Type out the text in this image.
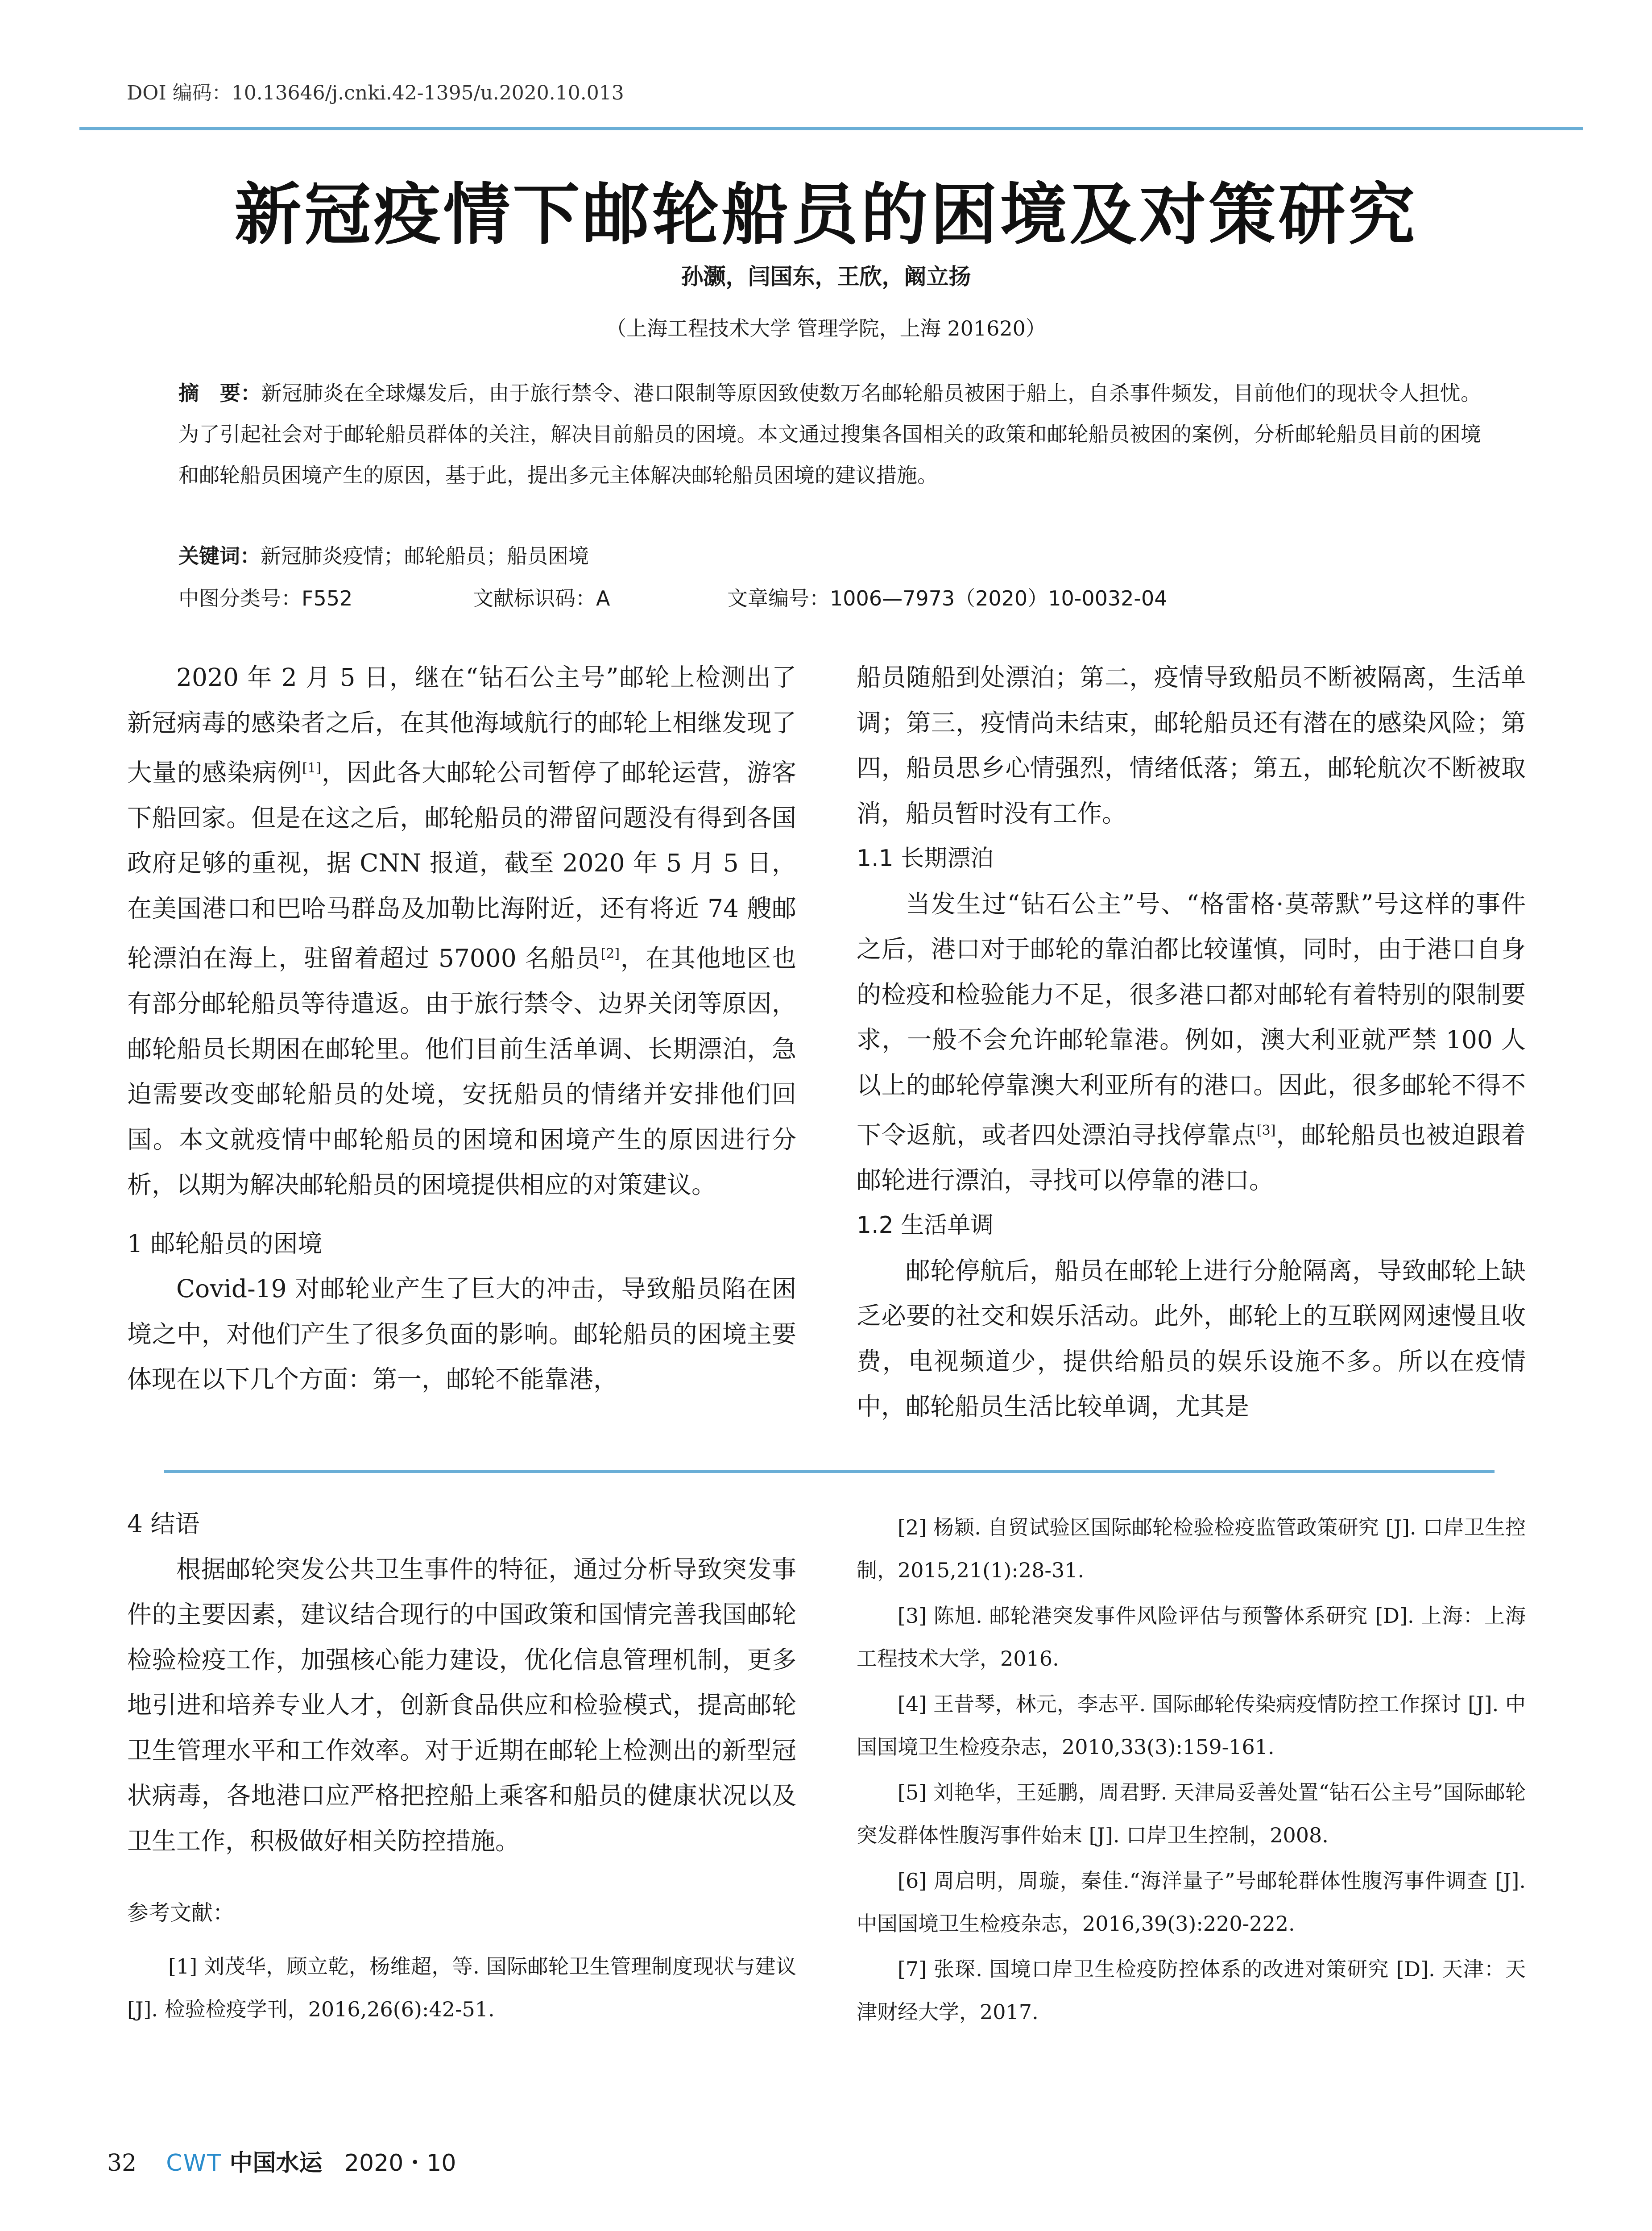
DOI 编码：10.13646/j.cnki.42-1395/u.2020.10.013
新冠疫情下邮轮船员的困境及对策研究
孙灏，闫国东，王欣，阚立扬
（上海工程技术大学 管理学院，上海 201620）
摘　要：新冠肺炎在全球爆发后，由于旅行禁令、港口限制等原因致使数万名邮轮船员被困于船上，自杀事件频发，目前他们的现状令人担忧。为了引起社会对于邮轮船员群体的关注，解决目前船员的困境。本文通过搜集各国相关的政策和邮轮船员被困的案例，分析邮轮船员目前的困境和邮轮船员困境产生的原因，基于此，提出多元主体解决邮轮船员困境的建议措施。
关键词：新冠肺炎疫情；邮轮船员；船员困境
中图分类号：F552	文献标识码：A	文章编号：1006—7973（2020）10-0032-04

2020 年 2 月 5 日，继在“钻石公主号”邮轮上检测出了新冠病毒的感染者之后，在其他海域航行的邮轮上相继发现了大量的感染病例[1]，因此各大邮轮公司暂停了邮轮运营，游客下船回家。但是在这之后，邮轮船员的滞留问题没有得到各国政府足够的重视，据 CNN 报道，截至 2020 年 5 月 5 日，在美国港口和巴哈马群岛及加勒比海附近，还有将近 74 艘邮轮漂泊在海上，驻留着超过 57000 名船员[2]，在其他地区也有部分邮轮船员等待遣返。由于旅行禁令、边界关闭等原因，邮轮船员长期困在邮轮里。他们目前生活单调、长期漂泊，急迫需要改变邮轮船员的处境，安抚船员的情绪并安排他们回国。本文就疫情中邮轮船员的困境和困境产生的原因进行分析，以期为解决邮轮船员的困境提供相应的对策建议。

1 邮轮船员的困境

Covid-19 对邮轮业产生了巨大的冲击，导致船员陷在困境之中，对他们产生了很多负面的影响。邮轮船员的困境主要体现在以下几个方面：第一，邮轮不能靠港，

船员随船到处漂泊；第二，疫情导致船员不断被隔离，生活单调；第三，疫情尚未结束，邮轮船员还有潜在的感染风险；第四，船员思乡心情强烈，情绪低落；第五，邮轮航次不断被取消，船员暂时没有工作。

1.1 长期漂泊

当发生过“钻石公主”号、“格雷格·莫蒂默”号这样的事件之后，港口对于邮轮的靠泊都比较谨慎，同时，由于港口自身的检疫和检验能力不足，很多港口都对邮轮有着特别的限制要求，一般不会允许邮轮靠港。例如，澳大利亚就严禁 100 人以上的邮轮停靠澳大利亚所有的港口。因此，很多邮轮不得不下令返航，或者四处漂泊寻找停靠点[3]，邮轮船员也被迫跟着邮轮进行漂泊，寻找可以停靠的港口。

1.2 生活单调

邮轮停航后，船员在邮轮上进行分舱隔离，导致邮轮上缺乏必要的社交和娱乐活动。此外，邮轮上的互联网网速慢且收费，电视频道少，提供给船员的娱乐设施不多。所以在疫情中，邮轮船员生活比较单调，尤其是

4 结语

根据邮轮突发公共卫生事件的特征，通过分析导致突发事件的主要因素，建议结合现行的中国政策和国情完善我国邮轮检验检疫工作，加强核心能力建设，优化信息管理机制，更多地引进和培养专业人才，创新食品供应和检验模式，提高邮轮卫生管理水平和工作效率。对于近期在邮轮上检测出的新型冠状病毒，各地港口应严格把控船上乘客和船员的健康状况以及卫生工作，积极做好相关防控措施。

参考文献：

[1] 刘茂华，顾立乾，杨维超，等. 国际邮轮卫生管理制度现状与建议 [J]. 检验检疫学刊，2016,26(6):42-51.

[2] 杨颖. 自贸试验区国际邮轮检验检疫监管政策研究 [J]. 口岸卫生控制，2015,21(1):28-31.

[3] 陈旭. 邮轮港突发事件风险评估与预警体系研究 [D]. 上海：上海工程技术大学，2016.

[4] 王昔琴，林元，李志平. 国际邮轮传染病疫情防控工作探讨 [J]. 中国国境卫生检疫杂志，2010,33(3):159-161.

[5] 刘艳华，王延鹏，周君野. 天津局妥善处置“钻石公主号”国际邮轮突发群体性腹泻事件始末 [J]. 口岸卫生控制，2008.

[6] 周启明，周璇，秦佳.“海洋量子”号邮轮群体性腹泻事件调查 [J]. 中国国境卫生检疫杂志，2016,39(3):220-222.

[7] 张琛. 国境口岸卫生检疫防控体系的改进对策研究 [D]. 天津：天津财经大学，2017.

32 CWT 中国水运 2020・10
